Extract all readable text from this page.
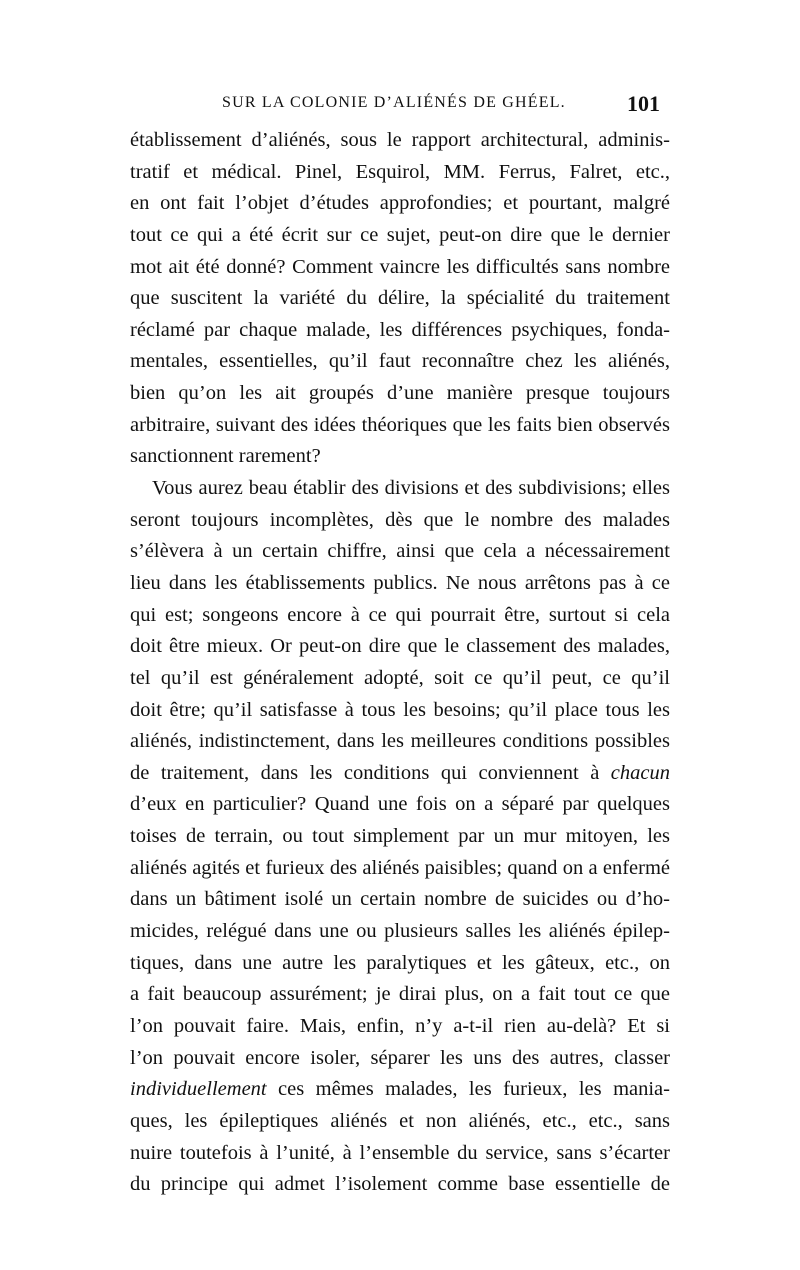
SUR LA COLONIE D’ALIÉNÉS DE GHÉEL.	101
établissement d’aliénés, sous le rapport architectural, adminis-
tratif et médical. Pinel, Esquirol, MM. Ferrus, Falret, etc.,
en ont fait l’objet d’études approfondies; et pourtant, malgré
tout ce qui a été écrit sur ce sujet, peut-on dire que le dernier
mot ait été donné? Comment vaincre les difficultés sans nombre
que suscitent la variété du délire, la spécialité du traitement
réclamé par chaque malade, les différences psychiques, fonda-
mentales, essentielles, qu’il faut reconnaître chez les aliénés,
bien qu’on les ait groupés d’une manière presque toujours
arbitraire, suivant des idées théoriques que les faits bien observés
sanctionnent rarement?
Vous aurez beau établir des divisions et des subdivisions; elles
seront toujours incomplètes, dès que le nombre des malades
s’élèvera à un certain chiffre, ainsi que cela a nécessairement
lieu dans les établissements publics. Ne nous arrêtons pas à ce
qui est; songeons encore à ce qui pourrait être, surtout si cela
doit être mieux. Or peut-on dire que le classement des malades,
tel qu’il est généralement adopté, soit ce qu’il peut, ce qu’il
doit être; qu’il satisfasse à tous les besoins; qu’il place tous les
aliénés, indistinctement, dans les meilleures conditions possibles
de traitement, dans les conditions qui conviennent à chacun
d’eux en particulier? Quand une fois on a séparé par quelques
toises de terrain, ou tout simplement par un mur mitoyen, les
aliénés agités et furieux des aliénés paisibles; quand on a enfermé
dans un bâtiment isolé un certain nombre de suicides ou d’ho-
micides, relégué dans une ou plusieurs salles les aliénés épilep-
tiques, dans une autre les paralytiques et les gâteux, etc., on
a fait beaucoup assurément; je dirai plus, on a fait tout ce que
l’on pouvait faire. Mais, enfin, n’y a-t-il rien au-delà? Et si
l’on pouvait encore isoler, séparer les uns des autres, classer
individuellement ces mêmes malades, les furieux, les mania-
ques, les épileptiques aliénés et non aliénés, etc., etc., sans
nuire toutefois à l’unité, à l’ensemble du service, sans s’écarter
du principe qui admet l’isolement comme base essentielle de
